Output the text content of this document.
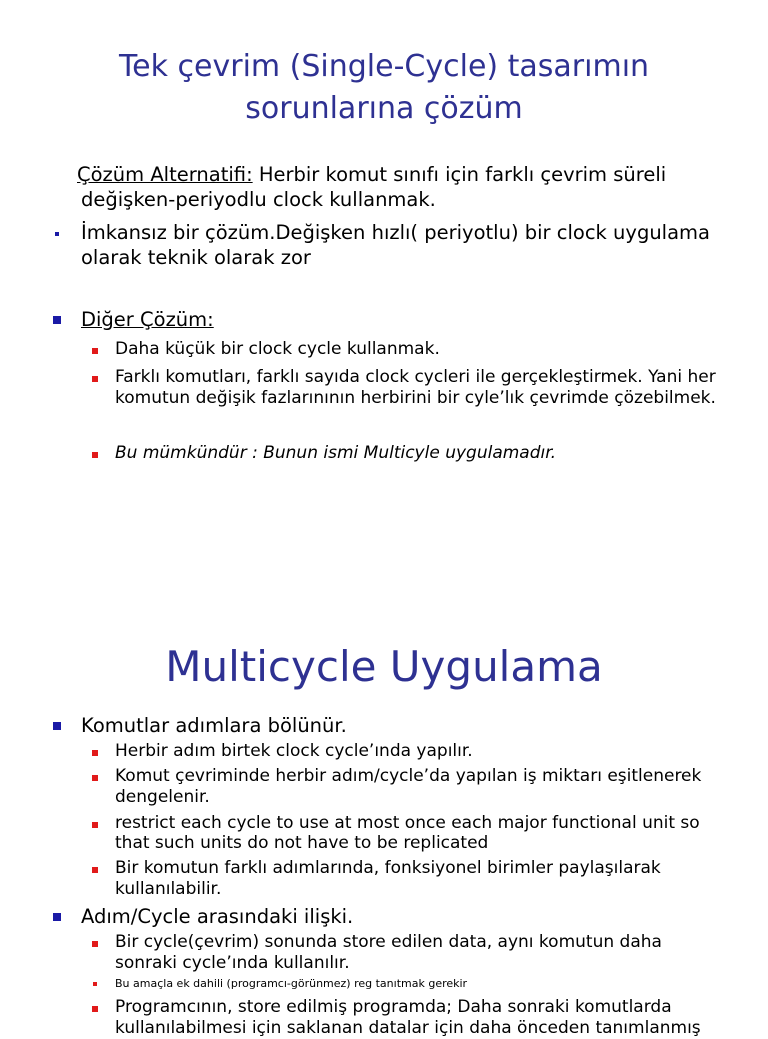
Tek çevrim (Single-Cycle) tasarımın
sorunlarına çözüm
Çözüm Alternatifi: Herbir komut sınıfı için farklı çevrim süreli
değişken-periyodlu clock kullanmak.
İmkansız bir çözüm.Değişken hızlı( periyotlu) bir clock uygulama
olarak teknik olarak zor
Diğer Çözüm:
Daha küçük bir clock cycle kullanmak.
Farklı komutları, farklı sayıda clock cycleri ile gerçekleştirmek. Yani her
komutun değişik fazlarınının herbirini bir cyle’lık çevrimde çözebilmek.
Bu mümkündür : Bunun ismi Multicyle uygulamadır.
Multicycle Uygulama
Komutlar adımlara bölünür.
Herbir adım birtek clock cycle’ında yapılır.
Komut çevriminde herbir adım/cycle’da yapılan iş miktarı eşitlenerek
dengelenir.
restrict each cycle to use at most once each major functional unit so
that such units do not have to be replicated
Bir komutun farklı adımlarında, fonksiyonel birimler paylaşılarak
kullanılabilir.
Adım/Cycle arasındaki ilişki.
Bir cycle(çevrim) sonunda store edilen data, aynı komutun daha
sonraki cycle’ında kullanılır.
Bu amaçla ek dahili (programcı-görünmez) reg tanıtmak gerekir
Programcının, store edilmiş programda; Daha sonraki komutlarda
kullanılabilmesi için saklanan datalar için daha önceden tanımlanmış
